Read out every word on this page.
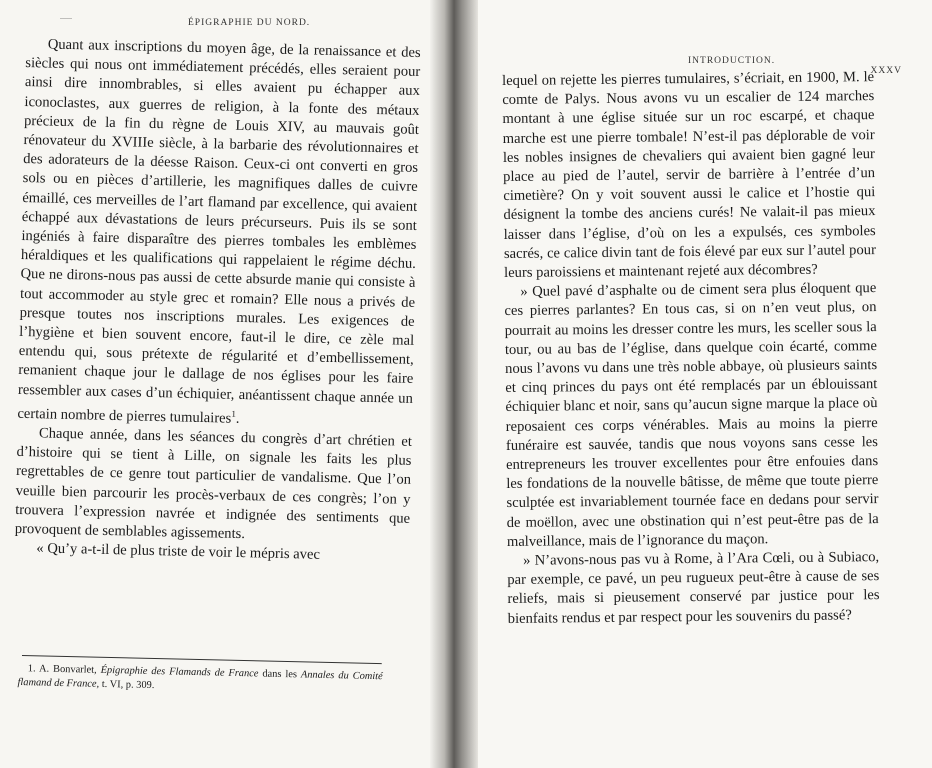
......
ÉPIGRAPHIE DU NORD.

Quant aux inscriptions du moyen âge, de la renaissance et des siècles qui nous ont immédiatement précédés, elles seraient pour ainsi dire innombrables, si elles avaient pu échapper aux iconoclastes, aux guerres de religion, à la fonte des métaux précieux de la fin du règne de Louis XIV, au mauvais goût rénovateur du XVIIIe siècle, à la barbarie des révolutionnaires et des adorateurs de la déesse Raison. Ceux-ci ont converti en gros sols ou en pièces d’artillerie, les magnifiques dalles de cuivre émaillé, ces merveilles de l’art flamand par excellence, qui avaient échappé aux dévastations de leurs précurseurs. Puis ils se sont ingéniés à faire disparaître des pierres tombales les emblèmes héraldiques et les qualifications qui rappelaient le régime déchu. Que ne dirons-nous pas aussi de cette absurde manie qui consiste à tout accommoder au style grec et romain? Elle nous a privés de presque toutes nos inscriptions murales. Les exigences de l’hygiène et bien souvent encore, faut-il le dire, ce zèle mal entendu qui, sous prétexte de régularité et d’embellissement, remanient chaque jour le dallage de nos églises pour les faire ressembler aux cases d’un échiquier, anéantissent chaque année un certain nombre de pierres tumulaires$^1$.

Chaque année, dans les séances du congrès d’art chrétien et d’histoire qui se tient à Lille, on signale les faits les plus regrettables de ce genre tout particulier de vandalisme. Que l’on veuille bien parcourir les procès-verbaux de ces congrès; l’on y trouvera l’expression navrée et indignée des sentiments que provoquent de semblables agissements.

« Qu’y a-t-il de plus triste de voir le mépris avec

1. A. Bonvarlet, Épigraphie des Flamands de France dans les Annales du Comité flamand de France, t. VI, p. 309.
INTRODUCTION.
XXXV

lequel on rejette les pierres tumulaires, s’écriait, en 1900, M. le comte de Palys. Nous avons vu un escalier de 124 marches montant à une église située sur un roc escarpé, et chaque marche est une pierre tombale! N’est-il pas déplorable de voir les nobles insignes de chevaliers qui avaient bien gagné leur place au pied de l’autel, servir de barrière à l’entrée d’un cimetière? On y voit souvent aussi le calice et l’hostie qui désignent la tombe des anciens curés! Ne valait-il pas mieux laisser dans l’église, d’où on les a expulsés, ces symboles sacrés, ce calice divin tant de fois élevé par eux sur l’autel pour leurs paroissiens et maintenant rejeté aux décombres?

» Quel pavé d’asphalte ou de ciment sera plus éloquent que ces pierres parlantes? En tous cas, si on n’en veut plus, on pourrait au moins les dresser contre les murs, les sceller sous la tour, ou au bas de l’église, dans quelque coin écarté, comme nous l’avons vu dans une très noble abbaye, où plusieurs saints et cinq princes du pays ont été remplacés par un éblouissant échiquier blanc et noir, sans qu’aucun signe marque la place où reposaient ces corps vénérables. Mais au moins la pierre funéraire est sauvée, tandis que nous voyons sans cesse les entrepreneurs les trouver excellentes pour être enfouies dans les fondations de la nouvelle bâtisse, de même que toute pierre sculptée est invariablement tournée face en dedans pour servir de moëllon, avec une obstination qui n’est peut-être pas de la malveillance, mais de l’ignorance du maçon.

» N’avons-nous pas vu à Rome, à l’Ara Cœli, ou à Subiaco, par exemple, ce pavé, un peu rugueux peut-être à cause de ses reliefs, mais si pieusement conservé par justice pour les bienfaits rendus et par respect pour les souvenirs du passé?
